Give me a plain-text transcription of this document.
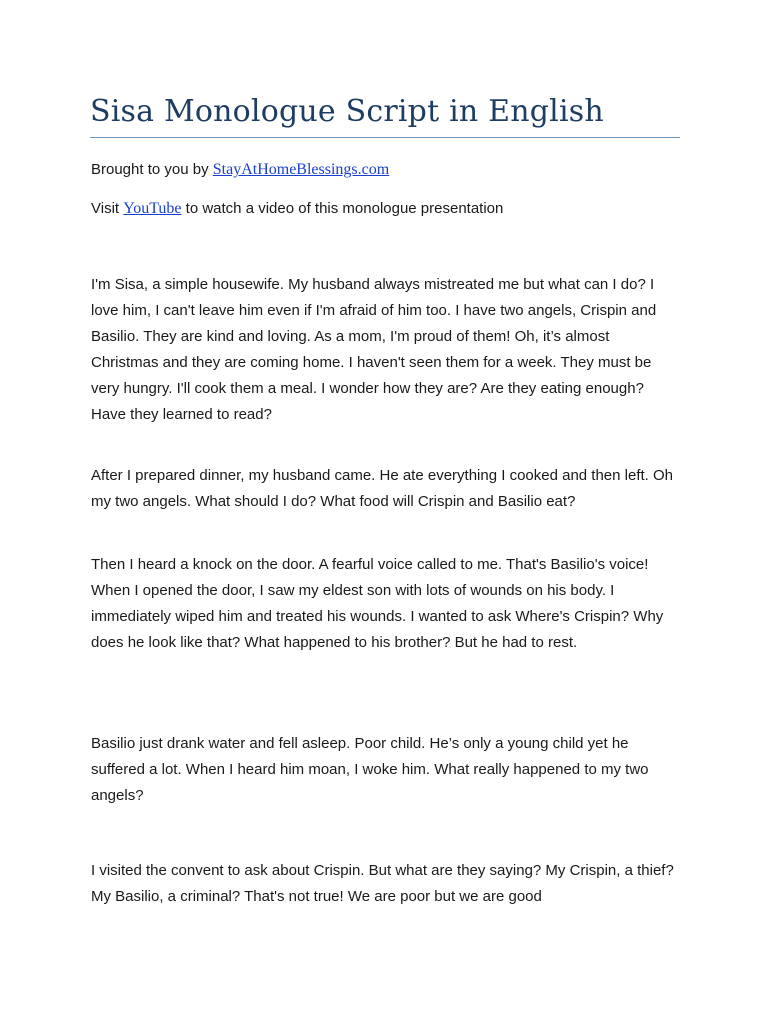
Sisa Monologue Script in English

Brought to you by StayAtHomeBlessings.com

Visit YouTube to watch a video of this monologue presentation

I'm Sisa, a simple housewife. My husband always mistreated me but what can I do? I love him, I can't leave him even if I'm afraid of him too. I have two angels, Crispin and Basilio. They are kind and loving. As a mom, I'm proud of them! Oh, it’s almost Christmas and they are coming home. I haven't seen them for a week. They must be very hungry. I'll cook them a meal. I wonder how they are? Are they eating enough? Have they learned to read?

After I prepared dinner, my husband came. He ate everything I cooked and then left. Oh my two angels. What should I do? What food will Crispin and Basilio eat?

Then I heard a knock on the door. A fearful voice called to me. That's Basilio's voice! When I opened the door, I saw my eldest son with lots of wounds on his body. I immediately wiped him and treated his wounds. I wanted to ask Where's Crispin? Why does he look like that? What happened to his brother? But he had to rest.

Basilio just drank water and fell asleep. Poor child. He’s only a young child yet he suffered a lot. When I heard him moan, I woke him. What really happened to my two angels?

I visited the convent to ask about Crispin. But what are they saying? My Crispin, a thief? My Basilio, a criminal? That's not true! We are poor but we are good
